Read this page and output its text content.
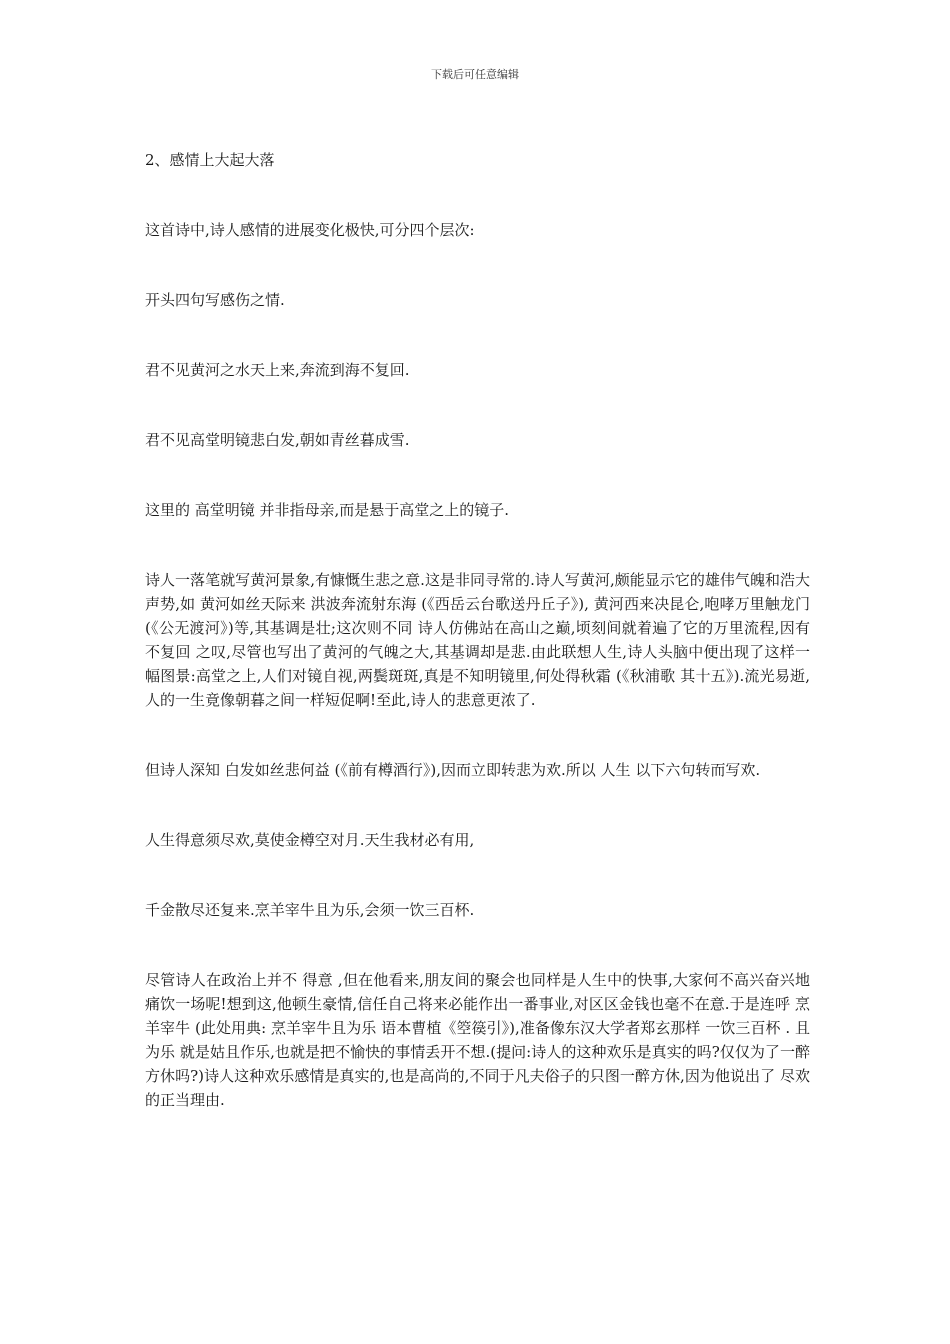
下载后可任意编辑

2、感情上大起大落

这首诗中,诗人感情的进展变化极快,可分四个层次:

开头四句写感伤之情.

君不见黄河之水天上来,奔流到海不复回.

君不见高堂明镜悲白发,朝如青丝暮成雪.

这里的 高堂明镜 并非指母亲,而是悬于高堂之上的镜子.

诗人一落笔就写黄河景象,有慷慨生悲之意.这是非同寻常的.诗人写黄河,颇能显示它的雄伟气魄和浩大声势,如 黄河如丝天际来 洪波奔流射东海 (《西岳云台歌送丹丘子》), 黄河西来决昆仑,咆哮万里触龙门 (《公无渡河》)等,其基调是壮;这次则不同 诗人仿佛站在高山之巅,顷刻间就着遍了它的万里流程,因有 不复回 之叹,尽管也写出了黄河的气魄之大,其基调却是悲.由此联想人生,诗人头脑中便出现了这样一幅图景:高堂之上,人们对镜自视,两鬓斑斑,真是不知明镜里,何处得秋霜 (《秋浦歌 其十五》).流光易逝,人的一生竟像朝暮之间一样短促啊!至此,诗人的悲意更浓了.

但诗人深知 白发如丝悲何益 (《前有樽酒行》),因而立即转悲为欢.所以 人生 以下六句转而写欢.

人生得意须尽欢,莫使金樽空对月.天生我材必有用,

千金散尽还复来.烹羊宰牛且为乐,会须一饮三百杯.

尽管诗人在政治上并不 得意 ,但在他看来,朋友间的聚会也同样是人生中的快事,大家何不高兴奋兴地痛饮一场呢!想到这,他顿生豪情,信任自己将来必能作出一番事业,对区区金钱也毫不在意.于是连呼 烹羊宰牛 (此处用典: 烹羊宰牛且为乐 语本曹植《箜篌引》),准备像东汉大学者郑玄那样 一饮三百杯 . 且为乐 就是姑且作乐,也就是把不愉快的事情丢开不想.(提问:诗人的这种欢乐是真实的吗?仅仅为了一醉方休吗?)诗人这种欢乐感情是真实的,也是高尚的,不同于凡夫俗子的只图一醉方休,因为他说出了 尽欢 的正当理由.
